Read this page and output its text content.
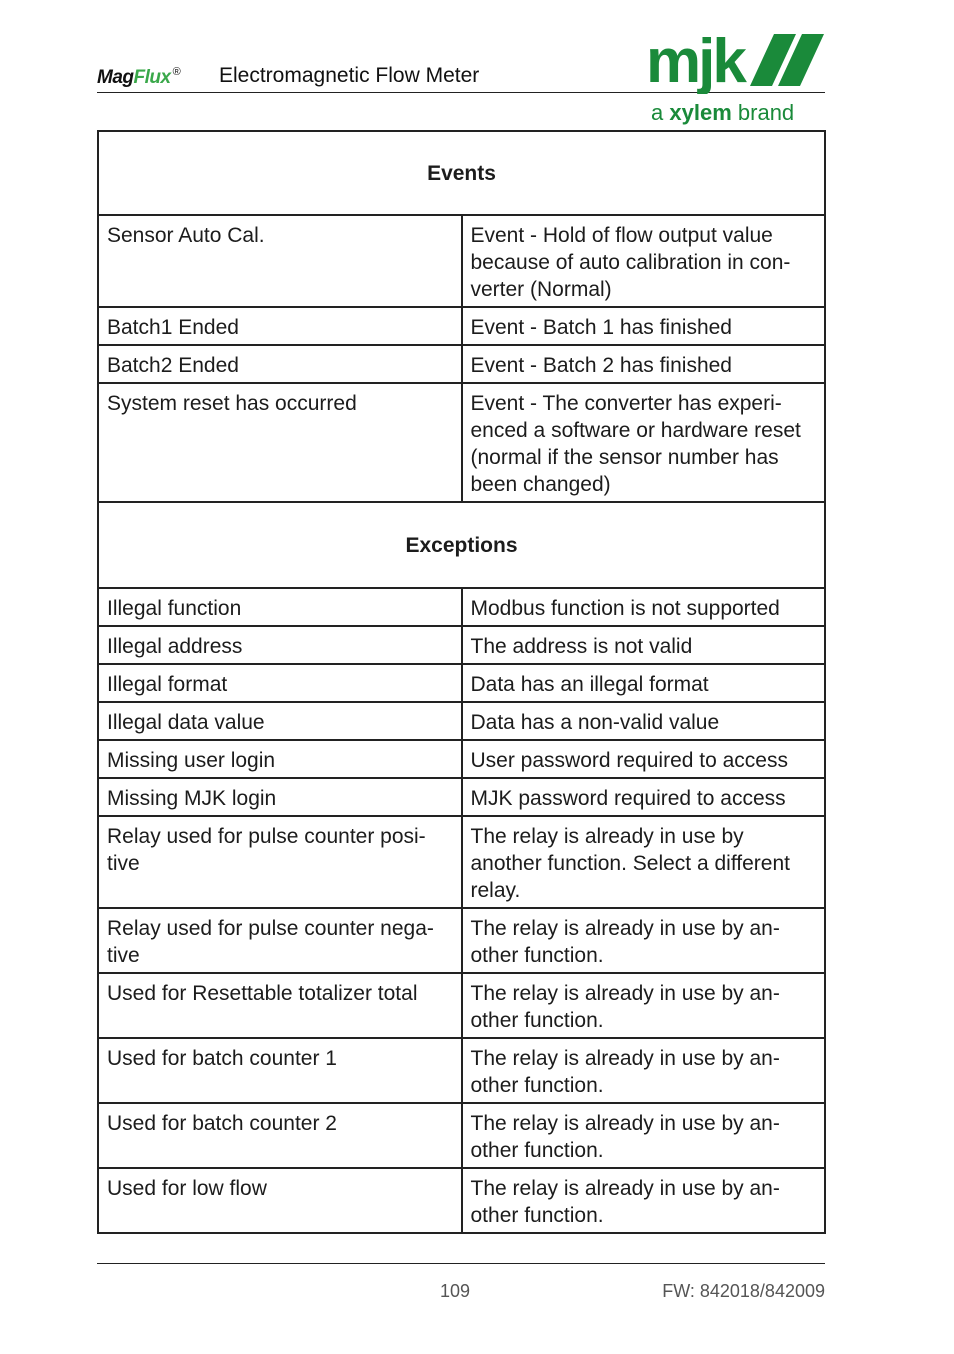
MagFlux ® Electromagnetic Flow Meter	mjk
a xylem brand
Events	
Sensor Auto Cal.	Event - Hold of flow output value because of auto calibration in con-verter (Normal)
Batch1 Ended	Event - Batch 1 has finished
Batch2 Ended	Event - Batch 2 has finished
System reset has occurred	Event - The converter has experi-enced a software or hardware reset (normal if the sensor number has been changed)
Exceptions	
Illegal function	Modbus function is not supported
Illegal address	The address is not valid
Illegal format	Data has an illegal format
Illegal data value	Data has a non-valid value
Missing user login	User password required to access
Missing MJK login	MJK password required to access
Relay used for pulse counter posi-tive	The relay is already in use by another function. Select a different relay.
Relay used for pulse counter nega-tive	The relay is already in use by an-other function.
Used for Resettable totalizer total	The relay is already in use by an-other function.
Used for batch counter 1	The relay is already in use by an-other function.
Used for batch counter 2	The relay is already in use by an-other function.
Used for low flow	The relay is already in use by an-other function.
109	FW: 842018/842009
